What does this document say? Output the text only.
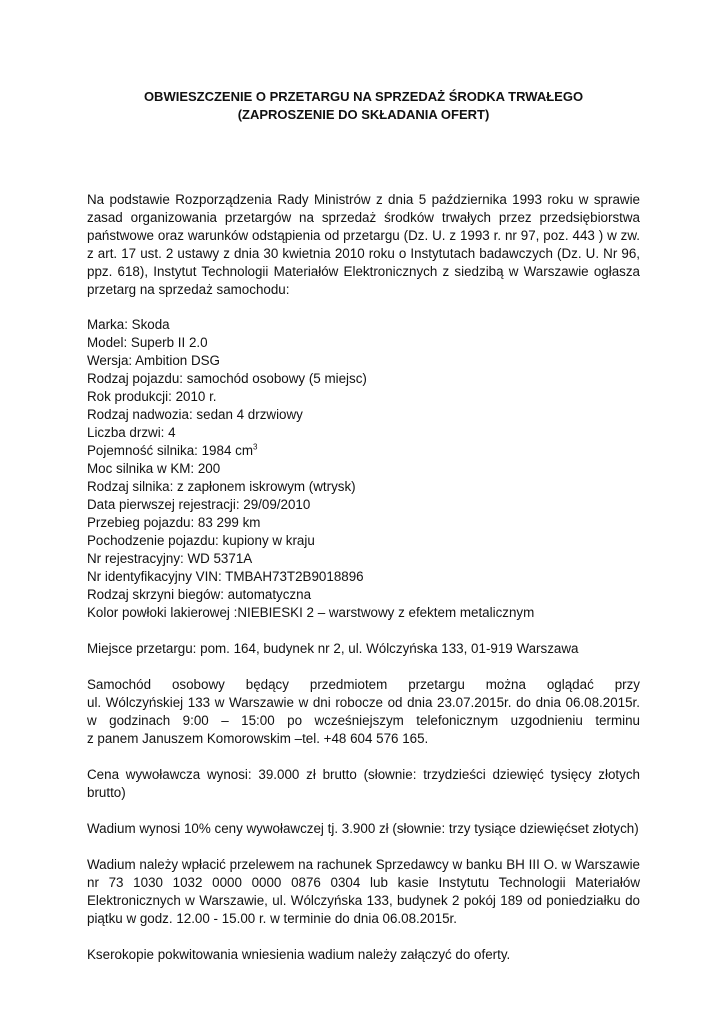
OBWIESZCZENIE O PRZETARGU NA SPRZEDAŻ ŚRODKA TRWAŁEGO (ZAPROSZENIE DO SKŁADANIA OFERT)

Na podstawie Rozporządzenia Rady Ministrów z dnia 5 października 1993 roku w sprawie zasad organizowania przetargów na sprzedaż środków trwałych przez przedsiębiorstwa państwowe oraz warunków odstąpienia od przetargu (Dz. U. z 1993 r. nr 97, poz. 443 ) w zw. z art. 17 ust. 2 ustawy z dnia 30 kwietnia 2010 roku o Instytutach badawczych (Dz. U. Nr 96, ppz. 618), Instytut Technologii Materiałów Elektronicznych z siedzibą w Warszawie ogłasza przetarg na sprzedaż samochodu:

Marka: Skoda
Model: Superb II 2.0
Wersja: Ambition DSG
Rodzaj pojazdu: samochód osobowy (5 miejsc)
Rok produkcji: 2010 r.
Rodzaj nadwozia: sedan 4 drzwiowy
Liczba drzwi: 4
Pojemność silnika: 1984 $cm^3$
Moc silnika w KM: 200
Rodzaj silnika: z zapłonem iskrowym (wtrysk)
Data pierwszej rejestracji: 29/09/2010
Przebieg pojazdu: 83 299 km
Pochodzenie pojazdu: kupiony w kraju
Nr rejestracyjny: WD 5371A
Nr identyfikacyjny VIN: TMBAH73T2B9018896
Rodzaj skrzyni biegów: automatyczna
Kolor powłoki lakierowej :NIEBIESKI 2 – warstwowy z efektem metalicznym

Miejsce przetargu: pom. 164, budynek nr 2, ul. Wólczyńska 133, 01-919 Warszawa

Samochód osobowy będący przedmiotem przetargu można oglądać przy
ul. Wólczyńskiej 133 w Warszawie w dni robocze od dnia 23.07.2015r. do dnia 06.08.2015r.
w godzinach 9:00 – 15:00 po wcześniejszym telefonicznym uzgodnieniu terminu
z panem Januszem Komorowskim –tel. +48 604 576 165.

Cena wywoławcza wynosi: 39.000 zł brutto (słownie: trzydzieści dziewięć tysięcy złotych brutto)

Wadium wynosi 10% ceny wywoławczej tj. 3.900 zł (słownie: trzy tysiące dziewięćset złotych)

Wadium należy wpłacić przelewem na rachunek Sprzedawcy w banku BH III O. w Warszawie nr 73 1030 1032 0000 0000 0876 0304 lub kasie Instytutu Technologii Materiałów Elektronicznych w Warszawie, ul. Wólczyńska 133, budynek 2 pokój 189 od poniedziałku do piątku w godz. 12.00 - 15.00 r. w terminie do dnia 06.08.2015r.

Kserokopie pokwitowania wniesienia wadium należy załączyć do oferty.
